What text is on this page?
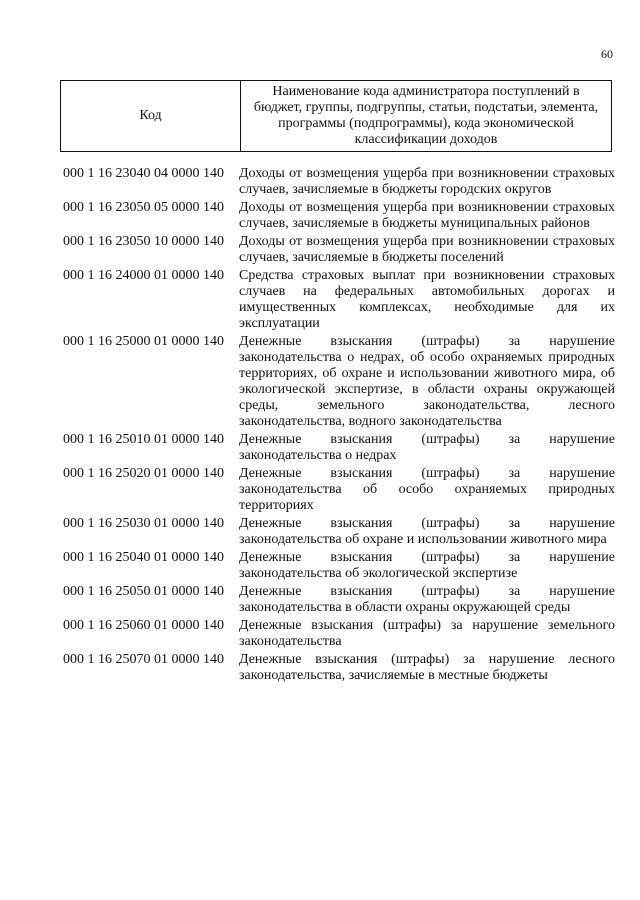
60
Код
Наименование кода администратора поступлений в бюджет, группы, подгруппы, статьи, подстатьи, элемента, программы (подпрограммы), кода экономической классификации доходов
000 1 16 23040 04 0000 140	Доходы от возмещения ущерба при возникновении страховых случаев, зачисляемые в бюджеты городских округов
000 1 16 23050 05 0000 140	Доходы от возмещения ущерба при возникновении страховых случаев, зачисляемые в бюджеты муниципальных районов
000 1 16 23050 10 0000 140	Доходы от возмещения ущерба при возникновении страховых случаев, зачисляемые в бюджеты поселений
000 1 16 24000 01 0000 140	Средства страховых выплат при возникновении страховых случаев на федеральных автомобильных дорогах и имущественных комплексах, необходимые для их эксплуатации
000 1 16 25000 01 0000 140	Денежные взыскания (штрафы) за нарушение законодательства о недрах, об особо охраняемых природных территориях, об охране и использовании животного мира, об экологической экспертизе, в области охраны окружающей среды, земельного законодательства, лесного законодательства, водного законодательства
000 1 16 25010 01 0000 140	Денежные взыскания (штрафы) за нарушение законодательства о недрах
000 1 16 25020 01 0000 140	Денежные взыскания (штрафы) за нарушение законодательства об особо охраняемых природных территориях
000 1 16 25030 01 0000 140	Денежные взыскания (штрафы) за нарушение законодательства об охране и использовании животного мира
000 1 16 25040 01 0000 140	Денежные взыскания (штрафы) за нарушение законодательства об экологической экспертизе
000 1 16 25050 01 0000 140	Денежные взыскания (штрафы) за нарушение законодательства в области охраны окружающей среды
000 1 16 25060 01 0000 140	Денежные взыскания (штрафы) за нарушение земельного законодательства
000 1 16 25070 01 0000 140	Денежные взыскания (штрафы) за нарушение лесного законодательства, зачисляемые в местные бюджеты
